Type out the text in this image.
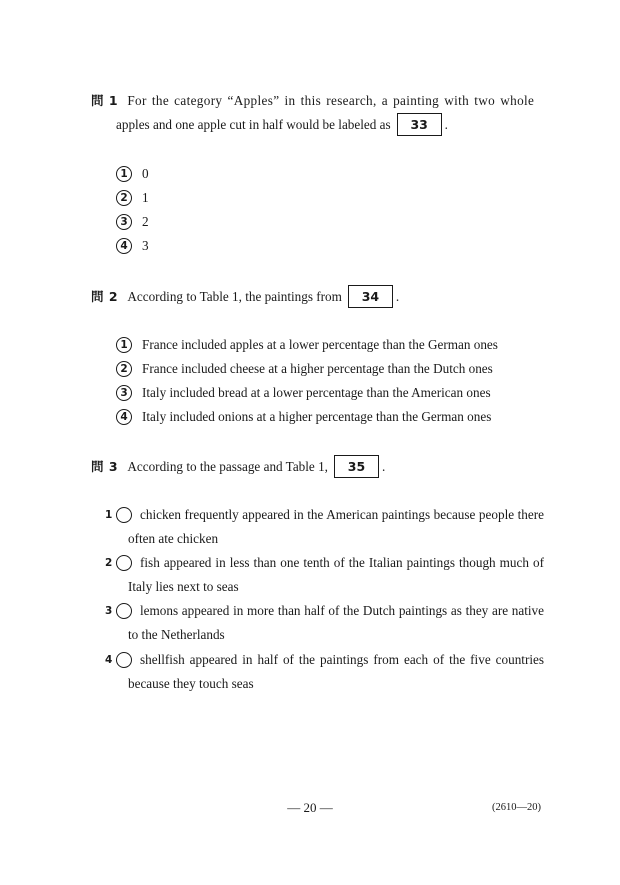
問 1 For the category “Apples” in this research, a painting with two whole
apples and one apple cut in half would be labeled as 33 .
1 0
2 1
3 2
4 3
問 2 According to Table 1, the paintings from 34 .
1 France included apples at a lower percentage than the German ones
2 France included cheese at a higher percentage than the Dutch ones
3 Italy included bread at a lower percentage than the American ones
4 Italy included onions at a higher percentage than the German ones
問 3 According to the passage and Table 1, 35 .
1 chicken frequently appeared in the American paintings because people there often ate chicken
2 fish appeared in less than one tenth of the Italian paintings though much of Italy lies next to seas
3 lemons appeared in more than half of the Dutch paintings as they are native to the Netherlands
4 shellfish appeared in half of the paintings from each of the five countries because they touch seas
— 20 —	(2610—20)
